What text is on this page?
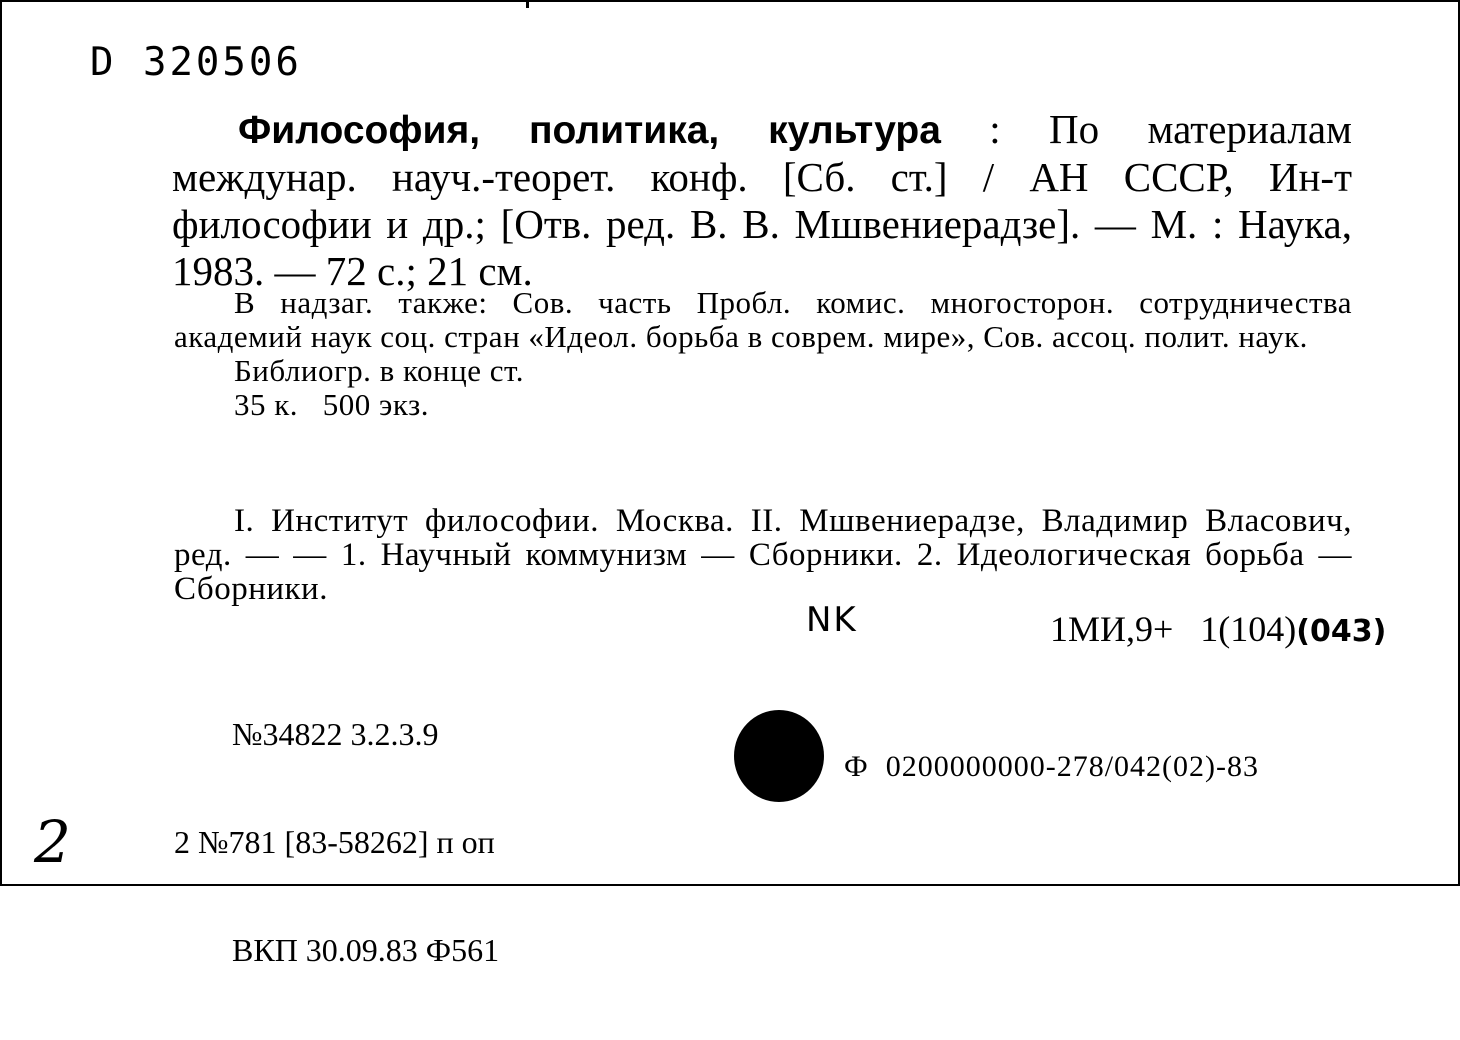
D 320506
Философия, политика, культура : По материалам междунар. науч.-теорет. конф. [Сб. ст.] / АН СССР, Ин-т философии и др.; [Отв. ред. В. В. Мшвениерадзе]. — М. : Наука, 1983. — 72 с.; 21 см.

В надзаг. также: Сов. часть Пробл. комис. многосторон. сотрудничества академий наук соц. стран «Идеол. борьба в соврем. мире», Сов. ассоц. полит. наук.

Библиогр. в конце ст.

35 к.   500 экз.

I. Институт философии. Москва. II. Мшвениерадзе, Владимир Власович, ред. — — 1. Научный коммунизм — Сборники. 2. Идеологическая борьба — Сборники.
NK	1МИ,9+   1(104)(043)

№34822 3.2.3.9

2 №781 [83-58262] п оп

ВКП 30.09.83 Ф561

Ф  0200000000-278/042(02)-83
2
